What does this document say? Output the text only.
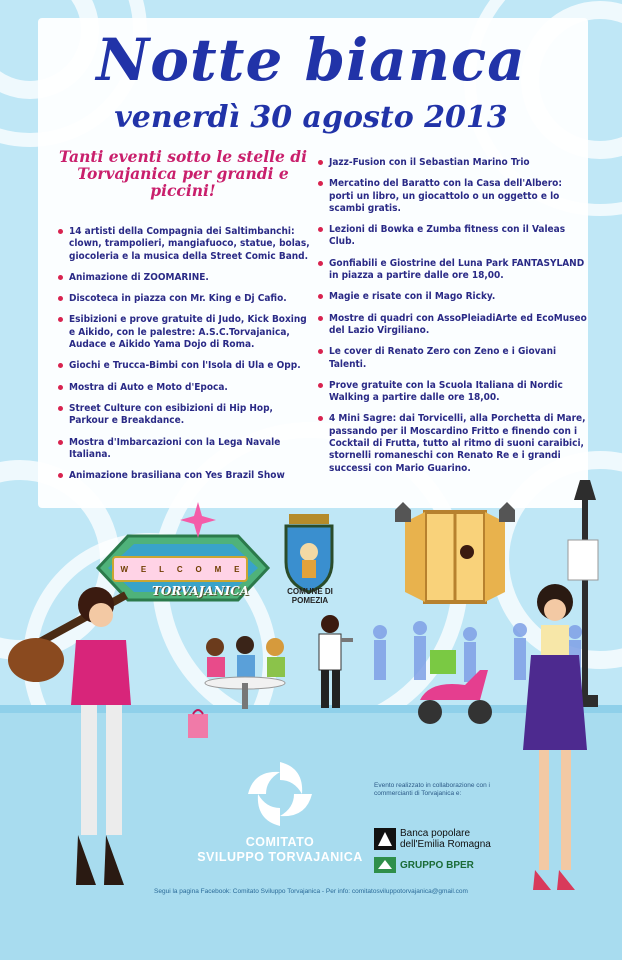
Notte bianca
venerdì 30 agosto 2013
Tanti eventi sotto le stelle di Torvajanica per grandi e piccini!
14 artisti della Compagnia dei Saltimbanchi: clown, trampolieri, mangiafuoco, statue, bolas, giocoleria e la musica della Street Comic Band.
Animazione di ZOOMARINE.
Discoteca in piazza con Mr. King e Dj Cafio.
Esibizioni e prove gratuite di Judo, Kick Boxing e Aikido, con le palestre: A.S.C.Torvajanica, Audace e Aikido Yama Dojo di Roma.
Giochi e Trucca-Bimbi con l'Isola di Ula e Opp.
Mostra di Auto e Moto d'Epoca.
Street Culture con esibizioni di Hip Hop, Parkour e Breakdance.
Mostra d'Imbarcazioni con la Lega Navale Italiana.
Animazione brasiliana con Yes Brazil Show
Jazz-Fusion con il Sebastian Marino Trio
Mercatino del Baratto con la Casa dell'Albero: porti un libro, un giocattolo o un oggetto e lo scambi gratis.
Lezioni di Bowka e Zumba fitness con il Valeas Club.
Gonfiabili e Giostrine del Luna Park FANTASYLAND in piazza a partire dalle ore 18,00.
Magie e risate con il Mago Ricky.
Mostre di quadri con AssoPleiadiArte ed EcoMuseo del Lazio Virgiliano.
Le cover di Renato Zero con Zeno e i Giovani Talenti.
Prove gratuite con la Scuola Italiana di Nordic Walking a partire dalle ore 18,00.
4 Mini Sagre: dai Torvicelli, alla Porchetta di Mare, passando per il Moscardino Fritto e finendo con i Cocktail di Frutta, tutto al ritmo di suoni caraibici, stornelli romaneschi con Renato Re e i grandi successi con Mario Guarino.
W E L C O M E
TORVAJANICA	COMUNE DI POMEZIA
COMITATO
SVILUPPO TORVAJANICA
Evento realizzato in collaborazione con i commercianti di Torvajanica e:
Banca popolare
dell'Emilia Romagna
GRUPPO BPER
Segui la pagina Facebook: Comitato Sviluppo Torvajanica - Per info: comitatosviluppotorvajanica@gmail.com
